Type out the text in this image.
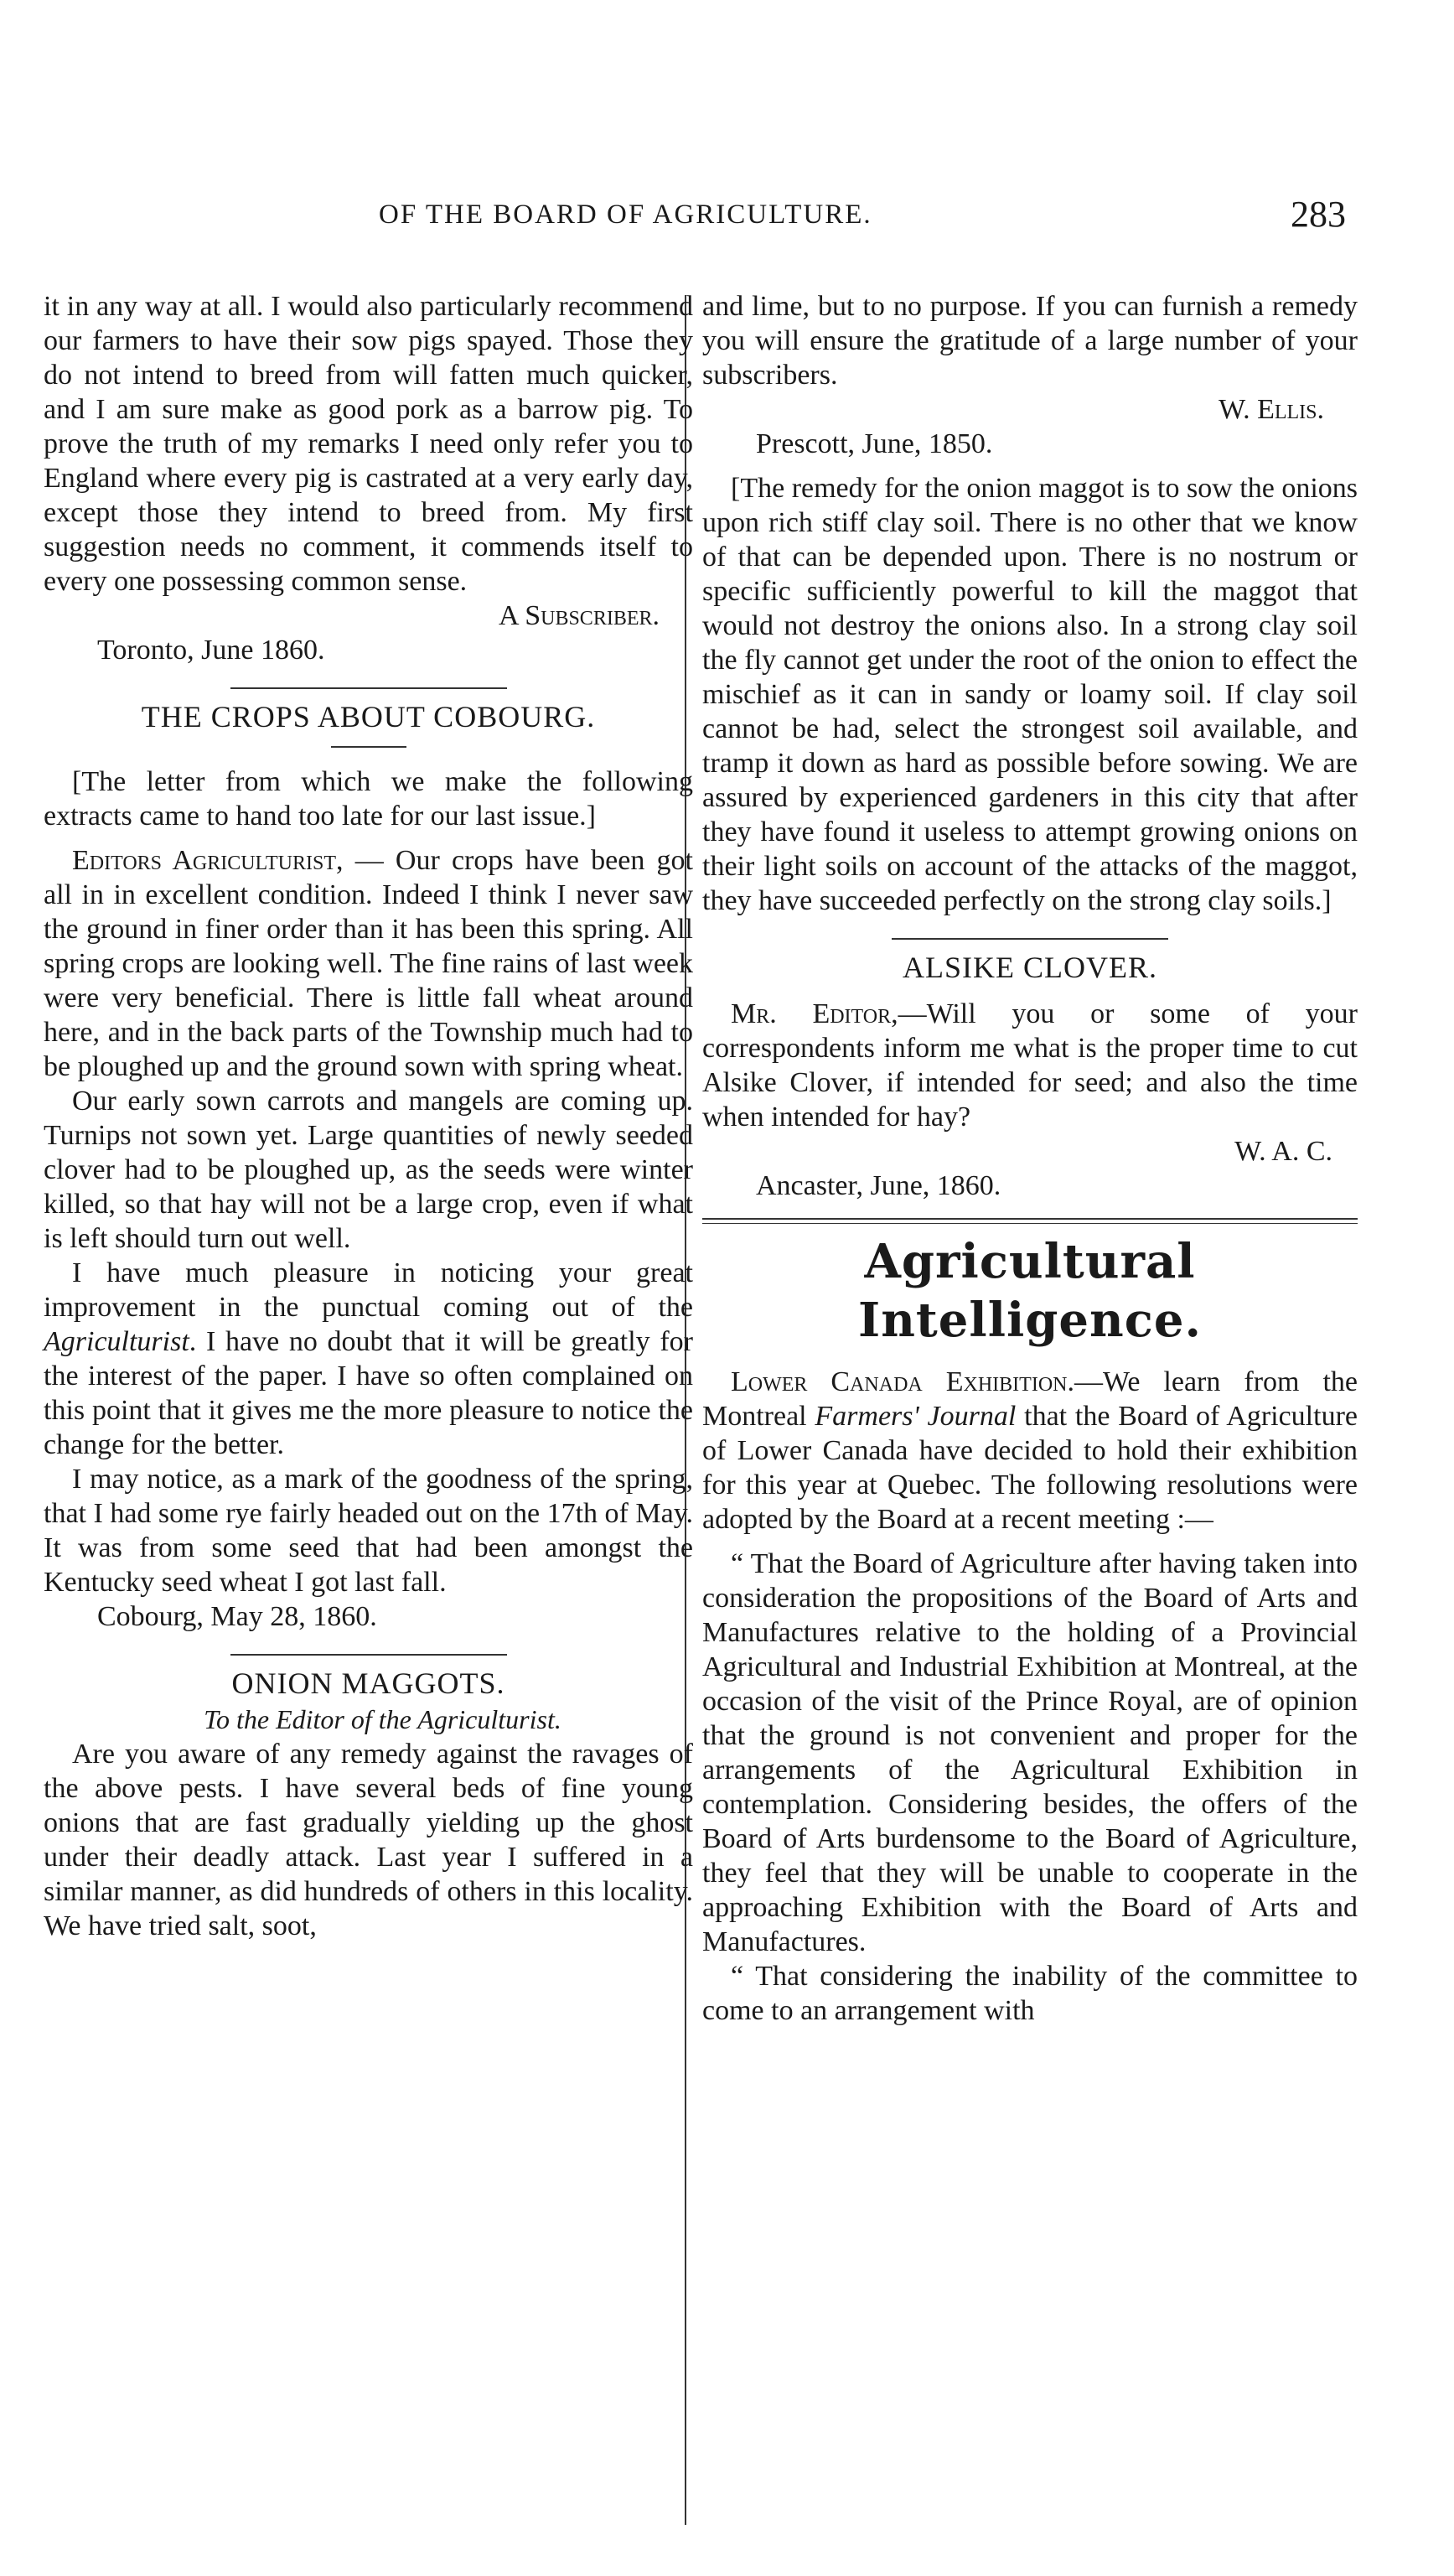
OF THE BOARD OF AGRICULTURE.	283

it in any way at all. I would also particularly recommend our farmers to have their sow pigs spayed. Those they do not intend to breed from will fatten much quicker, and I am sure make as good pork as a barrow pig. To prove the truth of my remarks I need only refer you to England where every pig is castrated at a very early day, except those they intend to breed from. My first suggestion needs no comment, it commends itself to every one possessing common sense.

A Subscriber.

Toronto, June 1860.

THE CROPS ABOUT COBOURG.

[The letter from which we make the following extracts came to hand too late for our last issue.]

Editors Agriculturist, — Our crops have been got all in in excellent condition. Indeed I think I never saw the ground in finer order than it has been this spring. All spring crops are looking well. The fine rains of last week were very beneficial. There is little fall wheat around here, and in the back parts of the Township much had to be ploughed up and the ground sown with spring wheat.

Our early sown carrots and mangels are coming up. Turnips not sown yet. Large quantities of newly seeded clover had to be ploughed up, as the seeds were winter killed, so that hay will not be a large crop, even if what is left should turn out well.

I have much pleasure in noticing your great improvement in the punctual coming out of the Agriculturist. I have no doubt that it will be greatly for the interest of the paper. I have so often complained on this point that it gives me the more pleasure to notice the change for the better.

I may notice, as a mark of the goodness of the spring, that I had some rye fairly headed out on the 17th of May. It was from some seed that had been amongst the Kentucky seed wheat I got last fall.

Cobourg, May 28, 1860.

ONION MAGGOTS.

To the Editor of the Agriculturist.

Are you aware of any remedy against the ravages of the above pests. I have several beds of fine young onions that are fast gradually yielding up the ghost under their deadly attack. Last year I suffered in a similar manner, as did hundreds of others in this locality. We have tried salt, soot,

and lime, but to no purpose. If you can furnish a remedy you will ensure the gratitude of a large number of your subscribers.

W. Ellis.

Prescott, June, 1850.

[The remedy for the onion maggot is to sow the onions upon rich stiff clay soil. There is no other that we know of that can be depended upon. There is no nostrum or specific sufficiently powerful to kill the maggot that would not destroy the onions also. In a strong clay soil the fly cannot get under the root of the onion to effect the mischief as it can in sandy or loamy soil. If clay soil cannot be had, select the strongest soil available, and tramp it down as hard as possible before sowing. We are assured by experienced gardeners in this city that after they have found it useless to attempt growing onions on their light soils on account of the attacks of the maggot, they have succeeded perfectly on the strong clay soils.]

ALSIKE CLOVER.

Mr. Editor,—Will you or some of your correspondents inform me what is the proper time to cut Alsike Clover, if intended for seed; and also the time when intended for hay?

W. A. C.

Ancaster, June, 1860.

Agricultural Intelligence.

Lower Canada Exhibition.—We learn from the Montreal Farmers' Journal that the Board of Agriculture of Lower Canada have decided to hold their exhibition for this year at Quebec. The following resolutions were adopted by the Board at a recent meeting :—

“ That the Board of Agriculture after having taken into consideration the propositions of the Board of Arts and Manufactures relative to the holding of a Provincial Agricultural and Industrial Exhibition at Montreal, at the occasion of the visit of the Prince Royal, are of opinion that the ground is not convenient and proper for the arrangements of the Agricultural Exhibition in contemplation. Considering besides, the offers of the Board of Arts burdensome to the Board of Agriculture, they feel that they will be unable to cooperate in the approaching Exhibition with the Board of Arts and Manufactures.

“ That considering the inability of the committee to come to an arrangement with
